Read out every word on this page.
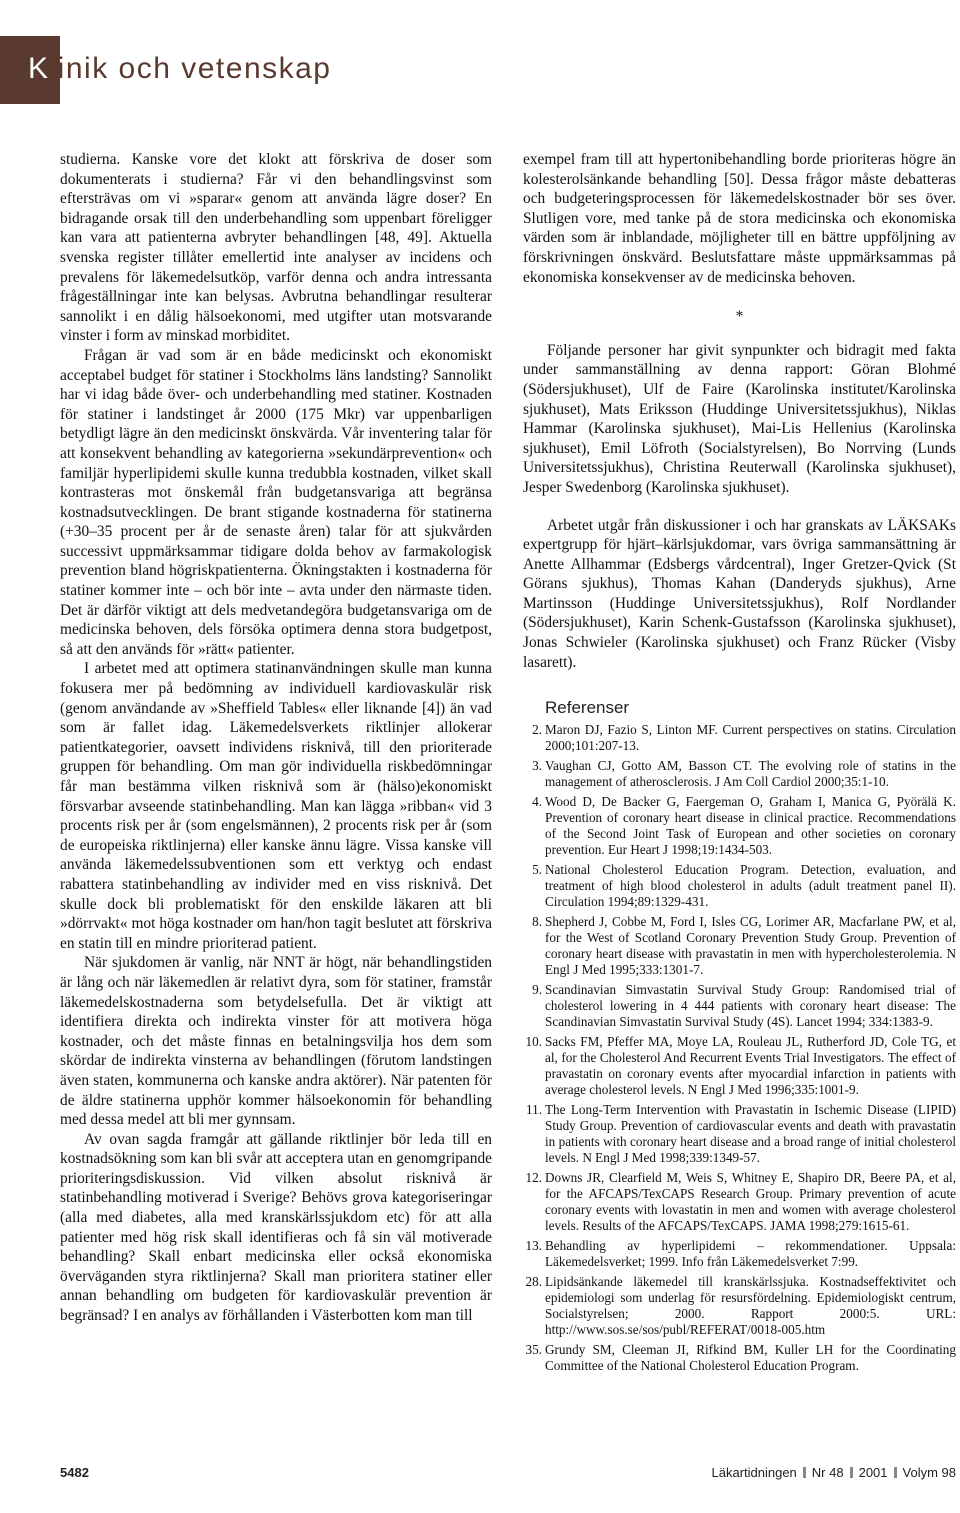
Klinik och vetenskap

studierna. Kanske vore det klokt att förskriva de doser som dokumenterats i studierna? Får vi den behandlingsvinst som eftersträvas om vi »sparar« genom att använda lägre doser? En bidragande orsak till den underbehandling som uppenbart föreligger kan vara att patienterna avbryter behandlingen [48, 49]. Aktuella svenska register tillåter emellertid inte analyser av incidens och prevalens för läkemedelsutköp, varför denna och andra intressanta frågeställningar inte kan belysas. Avbrutna behandlingar resulterar sannolikt i en dålig hälsoekonomi, med utgifter utan motsvarande vinster i form av minskad morbiditet.

Frågan är vad som är en både medicinskt och ekonomiskt acceptabel budget för statiner i Stockholms läns landsting? Sannolikt har vi idag både över- och underbehandling med statiner. Kostnaden för statiner i landstinget år 2000 (175 Mkr) var uppenbarligen betydligt lägre än den medicinskt önskvärda. Vår inventering talar för att konsekvent behandling av kategorierna »sekundärprevention« och familjär hyperlipidemi skulle kunna tredubbla kostnaden, vilket skall kontrasteras mot önskemål från budgetansvariga att begränsa kostnadsutvecklingen. De brant stigande kostnaderna för statinerna (+30–35 procent per år de senaste åren) talar för att sjukvården successivt uppmärksammar tidigare dolda behov av farmakologisk prevention bland högriskpatienterna. Ökningstakten i kostnaderna för statiner kommer inte – och bör inte – avta under den närmaste tiden. Det är därför viktigt att dels medvetandegöra budgetansvariga om de medicinska behoven, dels försöka optimera denna stora budgetpost, så att den används för »rätt« patienter.

I arbetet med att optimera statinanvändningen skulle man kunna fokusera mer på bedömning av individuell kardiovaskulär risk (genom användande av »Sheffield Tables« eller liknande [4]) än vad som är fallet idag. Läkemedelsverkets riktlinjer allokerar patientkategorier, oavsett individens risknivå, till den prioriterade gruppen för behandling. Om man gör individuella riskbedömningar får man bestämma vilken risknivå som är (hälso)ekonomiskt försvarbar avseende statinbehandling. Man kan lägga »ribban« vid 3 procents risk per år (som engelsmännen), 2 procents risk per år (som de europeiska riktlinjerna) eller kanske ännu lägre. Vissa kanske vill använda läkemedelssubventionen som ett verktyg och endast rabattera statinbehandling av individer med en viss risknivå. Det skulle dock bli problematiskt för den enskilde läkaren att bli »dörrvakt« mot höga kostnader om han/hon tagit beslutet att förskriva en statin till en mindre prioriterad patient.

När sjukdomen är vanlig, när NNT är högt, när behandlingstiden är lång och när läkemedlen är relativt dyra, som för statiner, framstår läkemedelskostnaderna som betydelsefulla. Det är viktigt att identifiera direkta och indirekta vinster för att motivera höga kostnader, och det måste finnas en betalningsvilja hos dem som skördar de indirekta vinsterna av behandlingen (förutom landstingen även staten, kommunerna och kanske andra aktörer). När patenten för de äldre statinerna upphör kommer hälsoekonomin för behandling med dessa medel att bli mer gynnsam.

Av ovan sagda framgår att gällande riktlinjer bör leda till en kostnadsökning som kan bli svår att acceptera utan en genomgripande prioriteringsdiskussion. Vid vilken absolut risknivå är statinbehandling motiverad i Sverige? Behövs grova kategoriseringar (alla med diabetes, alla med kranskärlssjukdom etc) för att alla patienter med hög risk skall identifieras och få sin väl motiverade behandling? Skall enbart medicinska eller också ekonomiska överväganden styra riktlinjerna? Skall man prioritera statiner eller annan behandling om budgeten för kardiovaskulär prevention är begränsad? I en analys av förhållanden i Västerbotten kom man till

exempel fram till att hypertonibehandling borde prioriteras högre än kolesterolsänkande behandling [50]. Dessa frågor måste debatteras och budgeteringsprocessen för läkemedelskostnader bör ses över. Slutligen vore, med tanke på de stora medicinska och ekonomiska värden som är inblandade, möjligheter till en bättre uppföljning av förskrivningen önskvärd. Beslutsfattare måste uppmärksammas på ekonomiska konsekvenser av de medicinska behoven.

*

Följande personer har givit synpunkter och bidragit med fakta under sammanställning av denna rapport: Göran Blohmé (Södersjukhuset), Ulf de Faire (Karolinska institutet/Karolinska sjukhuset), Mats Eriksson (Huddinge Universitetssjukhus), Niklas Hammar (Karolinska sjukhuset), Mai-Lis Hellenius (Karolinska sjukhuset), Emil Löfroth (Socialstyrelsen), Bo Norrving (Lunds Universitetssjukhus), Christina Reuterwall (Karolinska sjukhuset), Jesper Swedenborg (Karolinska sjukhuset).

Arbetet utgår från diskussioner i och har granskats av LÄKSAKs expertgrupp för hjärt–kärlsjukdomar, vars övriga sammansättning är Anette Allhammar (Edsbergs vårdcentral), Inger Gretzer-Qvick (St Görans sjukhus), Thomas Kahan (Danderyds sjukhus), Arne Martinsson (Huddinge Universitetssjukhus), Rolf Nordlander (Södersjukhuset), Karin Schenk-Gustafsson (Karolinska sjukhuset), Jonas Schwieler (Karolinska sjukhuset) och Franz Rücker (Visby lasarett).

Referenser
2. Maron DJ, Fazio S, Linton MF. Current perspectives on statins. Circulation 2000;101:207-13.
3. Vaughan CJ, Gotto AM, Basson CT. The evolving role of statins in the management of atherosclerosis. J Am Coll Cardiol 2000;35:1-10.
4. Wood D, De Backer G, Faergeman O, Graham I, Manica G, Pyörälä K. Prevention of coronary heart disease in clinical practice. Recommendations of the Second Joint Task of European and other societies on coronary prevention. Eur Heart J 1998;19:1434-503.
5. National Cholesterol Education Program. Detection, evaluation, and treatment of high blood cholesterol in adults (adult treatment panel II). Circulation 1994;89:1329-431.
8. Shepherd J, Cobbe M, Ford I, Isles CG, Lorimer AR, Macfarlane PW, et al, for the West of Scotland Coronary Prevention Study Group. Prevention of coronary heart disease with pravastatin in men with hypercholesterolemia. N Engl J Med 1995;333:1301-7.
9. Scandinavian Simvastatin Survival Study Group: Randomised trial of cholesterol lowering in 4 444 patients with coronary heart disease: The Scandinavian Simvastatin Survival Study (4S). Lancet 1994; 334:1383-9.
10. Sacks FM, Pfeffer MA, Moye LA, Rouleau JL, Rutherford JD, Cole TG, et al, for the Cholesterol And Recurrent Events Trial Investigators. The effect of pravastatin on coronary events after myocardial infarction in patients with average cholesterol levels. N Engl J Med 1996;335:1001-9.
11. The Long-Term Intervention with Pravastatin in Ischemic Disease (LIPID) Study Group. Prevention of cardiovascular events and death with pravastatin in patients with coronary heart disease and a broad range of initial cholesterol levels. N Engl J Med 1998;339:1349-57.
12. Downs JR, Clearfield M, Weis S, Whitney E, Shapiro DR, Beere PA, et al, for the AFCAPS/TexCAPS Research Group. Primary prevention of acute coronary events with lovastatin in men and women with average cholesterol levels. Results of the AFCAPS/TexCAPS. JAMA 1998;279:1615-61.
13. Behandling av hyperlipidemi – rekommendationer. Uppsala: Läkemedelsverket; 1999. Info från Läkemedelsverket 7:99.
28. Lipidsänkande läkemedel till kranskärlssjuka. Kostnadseffektivitet och epidemiologi som underlag för resursfördelning. Epidemiologiskt centrum, Socialstyrelsen; 2000. Rapport 2000:5. URL: http://www.sos.se/sos/publ/REFERAT/0018-005.htm
35. Grundy SM, Cleeman JI, Rifkind BM, Kuller LH for the Coordinating Committee of the National Cholesterol Education Program.
5482	Läkartidningen Nr 48 2001 Volym 98
